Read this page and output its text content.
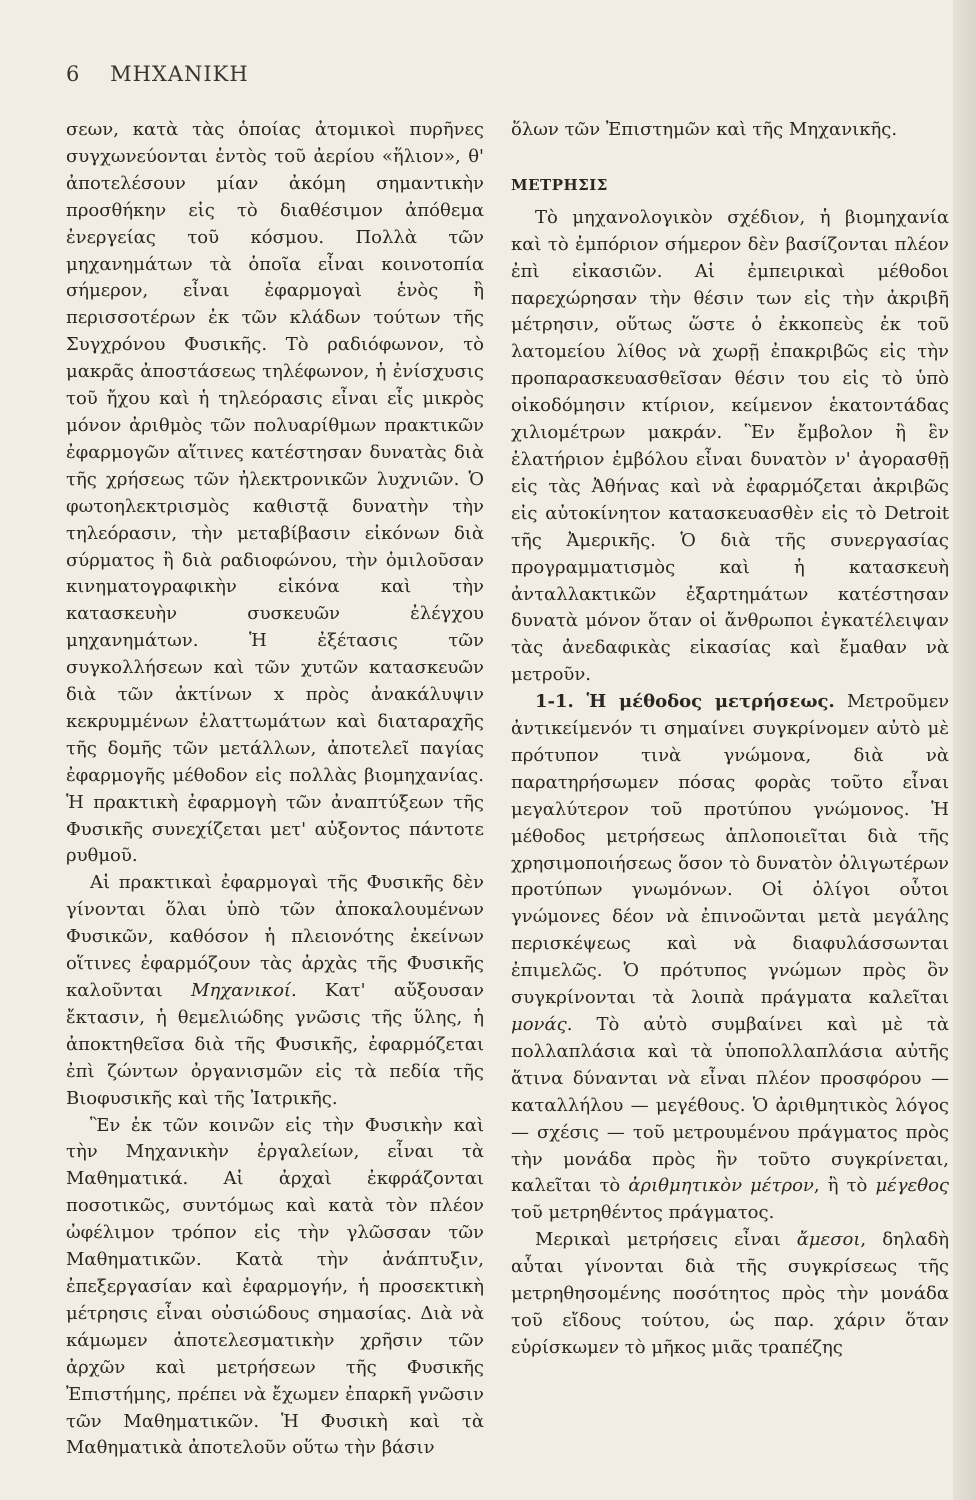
6 ΜΗΧΑΝΙΚΗ

σεων, κατὰ τὰς ὁποίας ἀτομικοὶ πυρῆνες συγχωνεύονται ἐντὸς τοῦ ἀερίου «ἥλιον», θ' ἀποτελέσουν μίαν ἀκόμη σημαντικὴν προσθήκην εἰς τὸ διαθέσιμον ἀπόθεμα ἐνεργείας τοῦ κόσμου. Πολλὰ τῶν μηχανημάτων τὰ ὁποῖα εἶναι κοινοτοπία σήμερον, εἶναι ἐφαρμογαὶ ἑνὸς ἢ περισσοτέρων ἐκ τῶν κλάδων τούτων τῆς Συγχρόνου Φυσικῆς. Τὸ ραδιόφωνον, τὸ μακρᾶς ἀποστάσεως τηλέφωνον, ἡ ἐνίσχυσις τοῦ ἤχου καὶ ἡ τηλεόρασις εἶναι εἷς μικρὸς μόνον ἀριθμὸς τῶν πολυαρίθμων πρακτικῶν ἐφαρμογῶν αἵτινες κατέστησαν δυνατὰς διὰ τῆς χρήσεως τῶν ἠλεκτρονικῶν λυχνιῶν. Ὁ φωτοηλεκτρισμὸς καθιστᾷ δυνατὴν τὴν τηλεόρασιν, τὴν μεταβίβασιν εἰκόνων διὰ σύρματος ἢ διὰ ραδιοφώνου, τὴν ὁμιλοῦσαν κινηματογραφικὴν εἰκόνα καὶ τὴν κατασκευὴν συσκευῶν ἐλέγχου μηχανημάτων. Ἡ ἐξέτασις τῶν συγκολλήσεων καὶ τῶν χυτῶν κατασκευῶν διὰ τῶν ἀκτίνων x πρὸς ἀνακάλυψιν κεκρυμμένων ἐλαττωμάτων καὶ διαταραχῆς τῆς δομῆς τῶν μετάλλων, ἀποτελεῖ παγίας ἐφαρμογῆς μέθοδον εἰς πολλὰς βιομηχανίας. Ἡ πρακτικὴ ἐφαρμογὴ τῶν ἀναπτύξεων τῆς Φυσικῆς συνεχίζεται μετ' αὐξοντος πάντοτε ρυθμοῦ.

Αἱ πρακτικαὶ ἐφαρμογαὶ τῆς Φυσικῆς δὲν γίνονται ὅλαι ὑπὸ τῶν ἀποκαλουμένων Φυσικῶν, καθόσον ἡ πλειονότης ἐκείνων οἵτινες ἐφαρμόζουν τὰς ἀρχὰς τῆς Φυσικῆς καλοῦνται Μηχανικοί. Κατ' αὔξουσαν ἔκτασιν, ἡ θεμελιώδης γνῶσις τῆς ὕλης, ἡ ἀποκτηθεῖσα διὰ τῆς Φυσικῆς, ἐφαρμόζεται ἐπὶ ζώντων ὀργανισμῶν εἰς τὰ πεδία τῆς Βιοφυσικῆς καὶ τῆς Ἰατρικῆς.

Ἓν ἐκ τῶν κοινῶν εἰς τὴν Φυσικὴν καὶ τὴν Μηχανικὴν ἐργαλείων, εἶναι τὰ Μαθηματικά. Αἱ ἀρχαὶ ἐκφράζονται ποσοτικῶς, συντόμως καὶ κατὰ τὸν πλέον ὠφέλιμον τρόπον εἰς τὴν γλῶσσαν τῶν Μαθηματικῶν. Κατὰ τὴν ἀνάπτυξιν, ἐπεξεργασίαν καὶ ἐφαρμογήν, ἡ προσεκτικὴ μέτρησις εἶναι οὐσιώδους σημασίας. Διὰ νὰ κάμωμεν ἀποτελεσματικὴν χρῆσιν τῶν ἀρχῶν καὶ μετρήσεων τῆς Φυσικῆς Ἐπιστήμης, πρέπει νὰ ἔχωμεν ἐπαρκῆ γνῶσιν τῶν Μαθηματικῶν. Ἡ Φυσικὴ καὶ τὰ Μαθηματικὰ ἀποτελοῦν οὕτω τὴν βάσιν

ὅλων τῶν Ἐπιστημῶν καὶ τῆς Μηχανικῆς.

ΜΕΤΡΗΣΙΣ

Τὸ μηχανολογικὸν σχέδιον, ἡ βιομηχανία καὶ τὸ ἐμπόριον σήμερον δὲν βασίζονται πλέον ἐπὶ εἰκασιῶν. Αἱ ἐμπειρικαὶ μέθοδοι παρεχώρησαν τὴν θέσιν των εἰς τὴν ἀκριβῆ μέτρησιν, οὕτως ὥστε ὁ ἐκκοπεὺς ἐκ τοῦ λατομείου λίθος νὰ χωρῇ ἐπακριβῶς εἰς τὴν προπαρασκευασθεῖσαν θέσιν του εἰς τὸ ὑπὸ οἰκοδόμησιν κτίριον, κείμενον ἑκατοντάδας χιλιομέτρων μακράν. Ἓν ἔμβολον ἢ ἓν ἐλατήριον ἐμβόλου εἶναι δυνατὸν ν' ἀγορασθῇ εἰς τὰς Ἀθήνας καὶ νὰ ἐφαρμόζεται ἀκριβῶς εἰς αὐτοκίνητον κατασκευασθὲν εἰς τὸ Detroit τῆς Ἀμερικῆς. Ὁ διὰ τῆς συνεργασίας προγραμματισμὸς καὶ ἡ κατασκευὴ ἀνταλλακτικῶν ἐξαρτημάτων κατέστησαν δυνατὰ μόνον ὅταν οἱ ἄνθρωποι ἐγκατέλειψαν τὰς ἀνεδαφικὰς εἰκασίας καὶ ἔμαθαν νὰ μετροῦν.

1-1. Ἡ μέθοδος μετρήσεως. Μετροῦμεν ἀντικείμενόν τι σημαίνει συγκρίνομεν αὐτὸ μὲ πρότυπον τινὰ γνώμονα, διὰ νὰ παρατηρήσωμεν πόσας φορὰς τοῦτο εἶναι μεγαλύτερον τοῦ προτύπου γνώμονος. Ἡ μέθοδος μετρήσεως ἁπλοποιεῖται διὰ τῆς χρησιμοποιήσεως ὅσον τὸ δυνατὸν ὀλιγωτέρων προτύπων γνωμόνων. Οἱ ὀλίγοι οὗτοι γνώμονες δέον νὰ ἐπινοῶνται μετὰ μεγάλης περισκέψεως καὶ νὰ διαφυλάσσωνται ἐπιμελῶς. Ὁ πρότυπος γνώμων πρὸς ὃν συγκρίνονται τὰ λοιπὰ πράγματα καλεῖται μονάς. Τὸ αὐτὸ συμβαίνει καὶ μὲ τὰ πολλαπλάσια καὶ τὰ ὑποπολλαπλάσια αὐτῆς ἅτινα δύνανται νὰ εἶναι πλέον προσφόρου — καταλλήλου — μεγέθους. Ὁ ἀριθμητικὸς λόγος — σχέσις — τοῦ μετρουμένου πράγματος πρὸς τὴν μονάδα πρὸς ἣν τοῦτο συγκρίνεται, καλεῖται τὸ ἀριθμητικὸν μέτρον, ἢ τὸ μέγεθος τοῦ μετρηθέντος πράγματος.

Μερικαὶ μετρήσεις εἶναι ἄμεσοι, δηλαδὴ αὗται γίνονται διὰ τῆς συγκρίσεως τῆς μετρηθησομένης ποσότητος πρὸς τὴν μονάδα τοῦ εἴδους τούτου, ὡς παρ. χάριν ὅταν εὑρίσκωμεν τὸ μῆκος μιᾶς τραπέζης
